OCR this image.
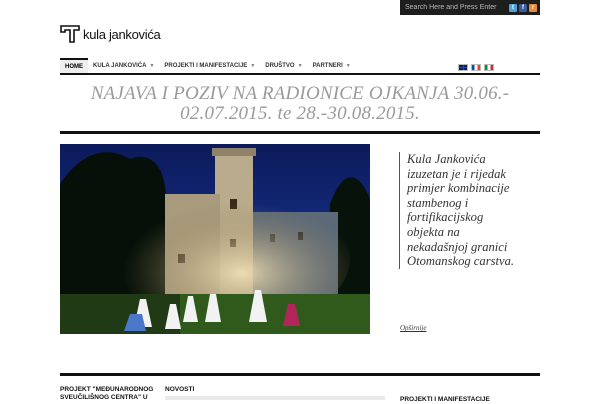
Search Here and Press Enter
t	f	r
kula jankovića
HOME KULA JANKOVIĆA ▼ PROJEKTI I MANIFESTACIJE ▼ DRUŠTVO ▼ PARTNERI ▼
NAJAVA I POZIV NA RADIONICE OJKANJA 30.06.-
02.07.2015. te 28.-30.08.2015.
Kula Jankovića izuzetan je i rijedak primjer kombinacije stambenog i fortifikacijskog objekta na nekadašnjoj granici Otomanskog carstva.
Opširnije
PROJEKT "MEĐUNARODNOG SVEUČILIŠNOG CENTRA" U
NOVOSTI
PROJEKTI I MANIFESTACIJE
